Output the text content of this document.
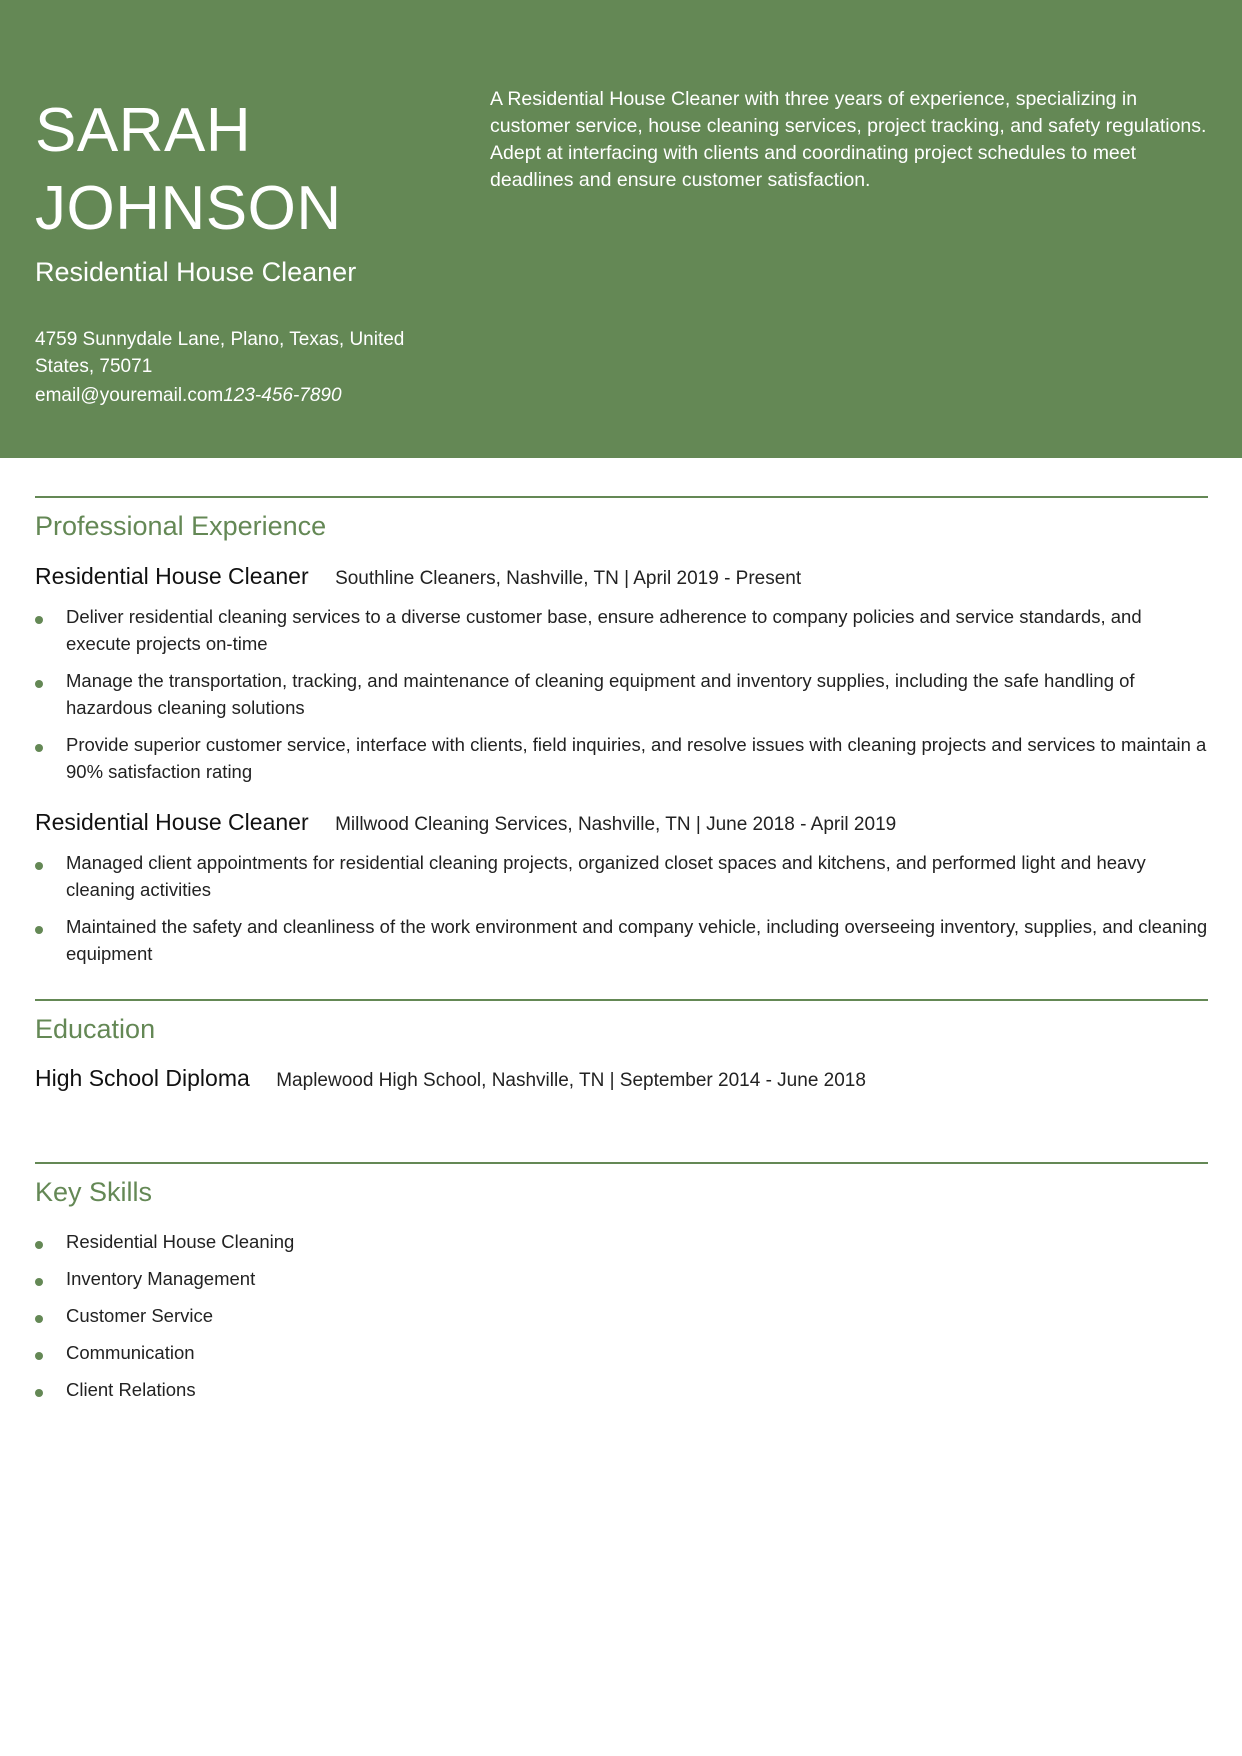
SARAH JOHNSON
Residential House Cleaner
4759 Sunnydale Lane, Plano, Texas, United States, 75071
email@youremail.com123-456-7890
A Residential House Cleaner with three years of experience, specializing in customer service, house cleaning services, project tracking, and safety regulations. Adept at interfacing with clients and coordinating project schedules to meet deadlines and ensure customer satisfaction.
Professional Experience
Residential House Cleaner Southline Cleaners, Nashville, TN | April 2019 - Present
Deliver residential cleaning services to a diverse customer base, ensure adherence to company policies and service standards, and execute projects on-time
Manage the transportation, tracking, and maintenance of cleaning equipment and inventory supplies, including the safe handling of hazardous cleaning solutions
Provide superior customer service, interface with clients, field inquiries, and resolve issues with cleaning projects and services to maintain a 90% satisfaction rating
Residential House Cleaner Millwood Cleaning Services, Nashville, TN | June 2018 - April 2019
Managed client appointments for residential cleaning projects, organized closet spaces and kitchens, and performed light and heavy cleaning activities
Maintained the safety and cleanliness of the work environment and company vehicle, including overseeing inventory, supplies, and cleaning equipment
Education
High School Diploma Maplewood High School, Nashville, TN | September 2014 - June 2018
Key Skills
Residential House Cleaning
Inventory Management
Customer Service
Communication
Client Relations
